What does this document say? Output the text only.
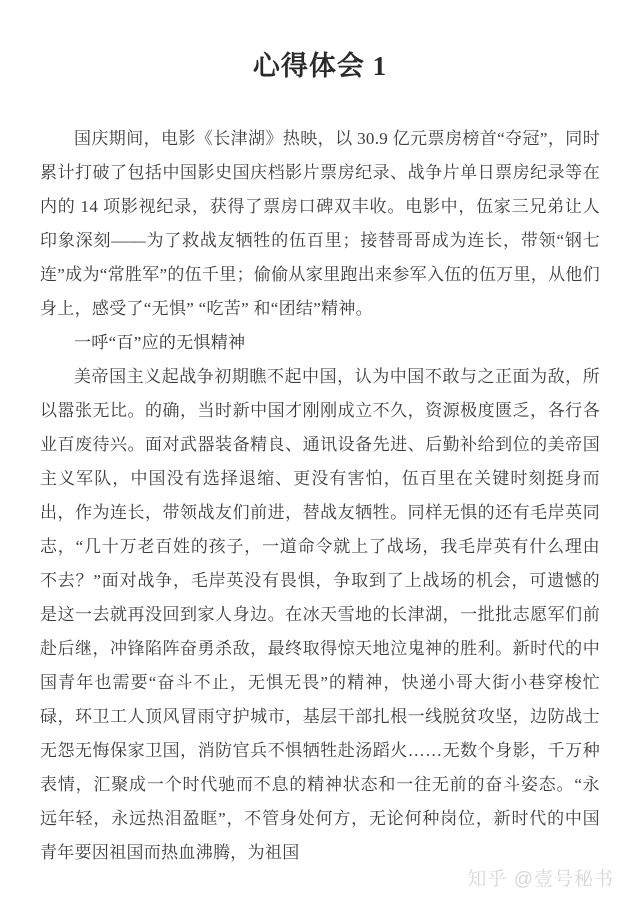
心得体会 1

国庆期间，电影《长津湖》热映，以 30.9 亿元票房榜首“夺冠”，同时累计打破了包括中国影史国庆档影片票房纪录、战争片单日票房纪录等在内的 14 项影视纪录，获得了票房口碑双丰收。电影中，伍家三兄弟让人印象深刻——为了救战友牺牲的伍百里；接替哥哥成为连长，带领“钢七连”成为“常胜军”的伍千里；偷偷从家里跑出来参军入伍的伍万里，从他们身上，感受了“无惧” “吃苦” 和“团结”精神。

一呼“百”应的无惧精神

美帝国主义起战争初期瞧不起中国，认为中国不敢与之正面为敌，所以嚣张无比。的确，当时新中国才刚刚成立不久，资源极度匮乏，各行各业百废待兴。面对武器装备精良、通讯设备先进、后勤补给到位的美帝国主义军队，中国没有选择退缩、更没有害怕，伍百里在关键时刻挺身而出，作为连长，带领战友们前进，替战友牺牲。同样无惧的还有毛岸英同志，“几十万老百姓的孩子，一道命令就上了战场，我毛岸英有什么理由不去？”面对战争，毛岸英没有畏惧，争取到了上战场的机会，可遗憾的是这一去就再没回到家人身边。在冰天雪地的长津湖，一批批志愿军们前赴后继，冲锋陷阵奋勇杀敌，最终取得惊天地泣鬼神的胜利。新时代的中国青年也需要“奋斗不止，无惧无畏”的精神，快递小哥大街小巷穿梭忙碌，环卫工人顶风冒雨守护城市，基层干部扎根一线脱贫攻坚，边防战士无怨无悔保家卫国，消防官兵不惧牺牲赴汤蹈火……无数个身影，千万种表情，汇聚成一个时代驰而不息的精神状态和一往无前的奋斗姿态。“永远年轻，永远热泪盈眶”，不管身处何方，无论何种岗位，新时代的中国青年要因祖国而热血沸腾，为祖国

知乎 @壹号秘书
